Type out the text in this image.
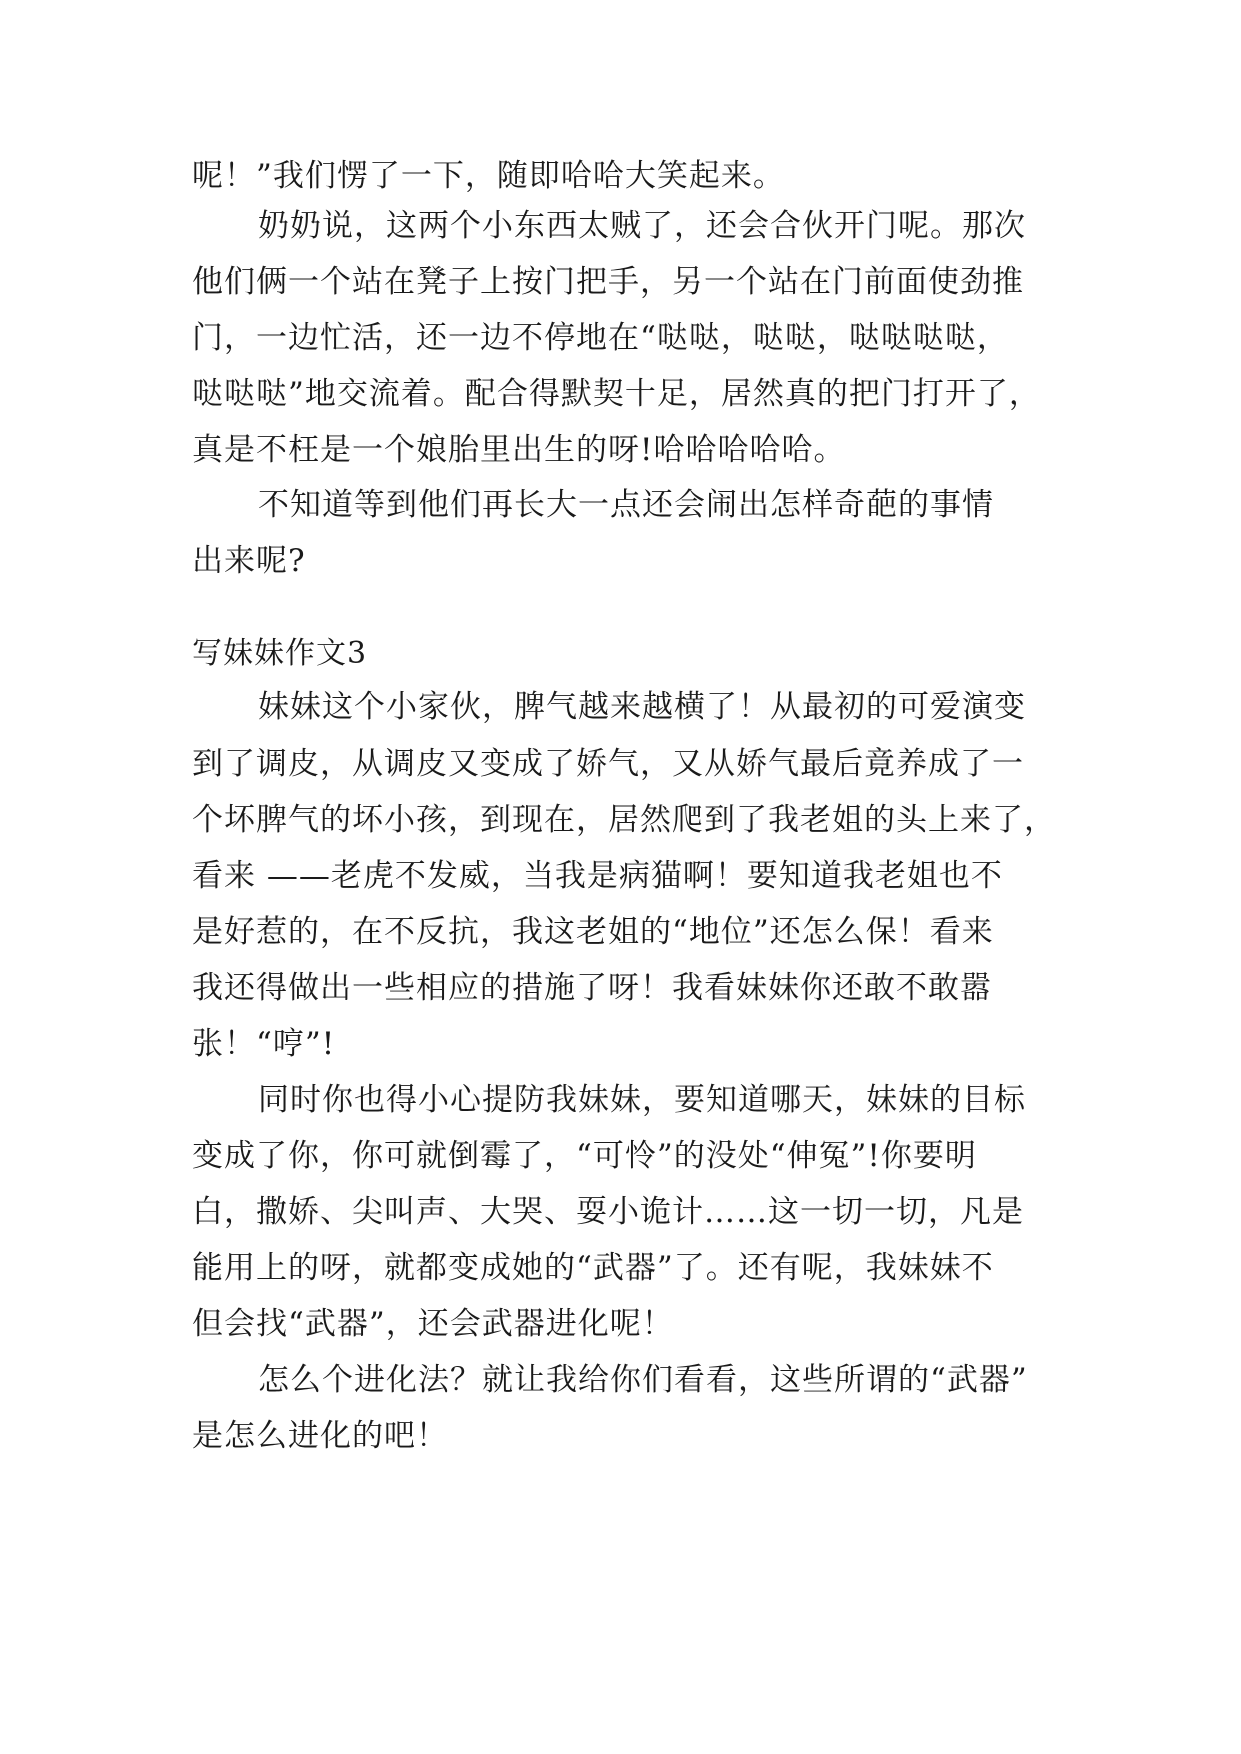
呢！”我们愣了一下，随即哈哈大笑起来。
奶奶说，这两个小东西太贼了，还会合伙开门呢。那次
他们俩一个站在凳子上按门把手，另一个站在门前面使劲推
门，一边忙活，还一边不停地在“哒哒，哒哒，哒哒哒哒，
哒哒哒”地交流着。配合得默契十足，居然真的把门打开了，
真是不枉是一个娘胎里出生的呀!哈哈哈哈哈。
不知道等到他们再长大一点还会闹出怎样奇葩的事情
出来呢?
写妹妹作文3
妹妹这个小家伙，脾气越来越横了！从最初的可爱演变
到了调皮，从调皮又变成了娇气，又从娇气最后竟养成了一
个坏脾气的坏小孩，到现在，居然爬到了我老姐的头上来了，
看来 ——老虎不发威，当我是病猫啊！要知道我老姐也不
是好惹的，在不反抗，我这老姐的“地位”还怎么保！看来
我还得做出一些相应的措施了呀！我看妹妹你还敢不敢嚣
张！“哼”!
同时你也得小心提防我妹妹，要知道哪天，妹妹的目标
变成了你，你可就倒霉了，“可怜”的没处“伸冤”!你要明
白，撒娇、尖叫声、大哭、耍小诡计……这一切一切，凡是
能用上的呀，就都变成她的“武器”了。还有呢，我妹妹不
但会找“武器”，还会武器进化呢！
怎么个进化法？就让我给你们看看，这些所谓的“武器”
是怎么进化的吧！
